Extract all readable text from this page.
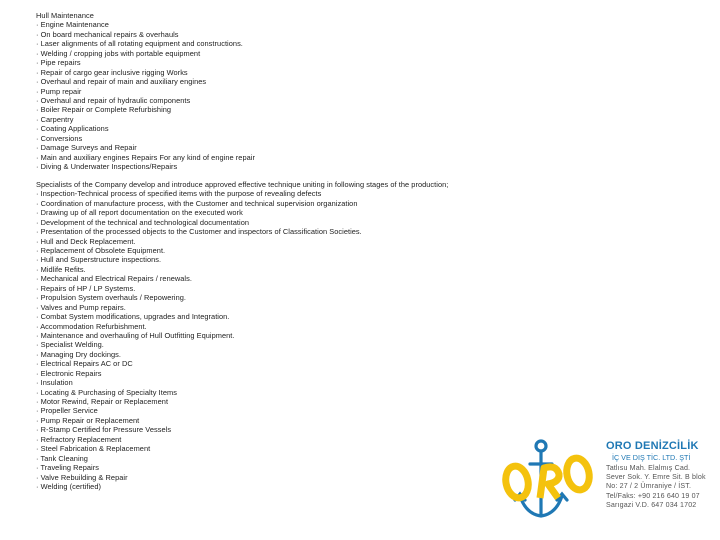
Hull Maintenance
· Engine Maintenance
· On board mechanical repairs & overhauls
· Laser alignments of all rotating equipment and constructions.
· Welding / cropping jobs with portable equipment
· Pipe repairs
· Repair of cargo gear inclusive rigging Works
· Overhaul and repair of main and auxiliary engines
· Pump repair
· Overhaul and repair of hydraulic components
· Boiler Repair or Complete Refurbishing
· Carpentry
· Coating Applications
· Conversions
· Damage Surveys and Repair
· Main and auxiliary engines Repairs For any kind of engine repair
· Diving & Underwater Inspections/Repairs
Specialists of the Company develop and introduce approved effective technique uniting in following stages of the production;
· Inspection-Technical process of specified items with the purpose of revealing defects
· Coordination of manufacture process, with the Customer and technical supervision organization
· Drawing up of all report documentation on the executed work
· Development of the technical and technological documentation
· Presentation of the processed objects to the Customer and inspectors of Classification Societies.
· Hull and Deck Replacement.
· Replacement of Obsolete Equipment.
· Hull and Superstructure inspections.
· Midlife Refits.
· Mechanical and Electrical Repairs / renewals.
· Repairs of HP / LP Systems.
· Propulsion System overhauls / Repowering.
· Valves and Pump repairs.
· Combat System modifications, upgrades and Integration.
· Accommodation Refurbishment.
· Maintenance and overhauling of Hull Outfitting Equipment.
· Specialist Welding.
· Managing Dry dockings.
· Electrical Repairs AC or DC
· Electronic Repairs
· Insulation
· Locating & Purchasing of Specialty Items
· Motor Rewind, Repair or Replacement
· Propeller Service
· Pump Repair or Replacement
· R-Stamp Certified for Pressure Vessels
· Refractory Replacement
· Steel Fabrication & Replacement
· Tank Cleaning
· Traveling Repairs
· Valve Rebuilding & Repair
· Welding (certified)
ORO DENİZCİLİK
İÇ VE DIŞ TİC. LTD. ŞTİ
Tatlısu Mah. Elalmış Cad.
Sever Sok. Y. Emre Sit. B blok
No: 27 / 2 Ümraniye / İST.
Tel/Faks: +90 216 640 19 07
Sarıgazi V.D. 647 034 1702
